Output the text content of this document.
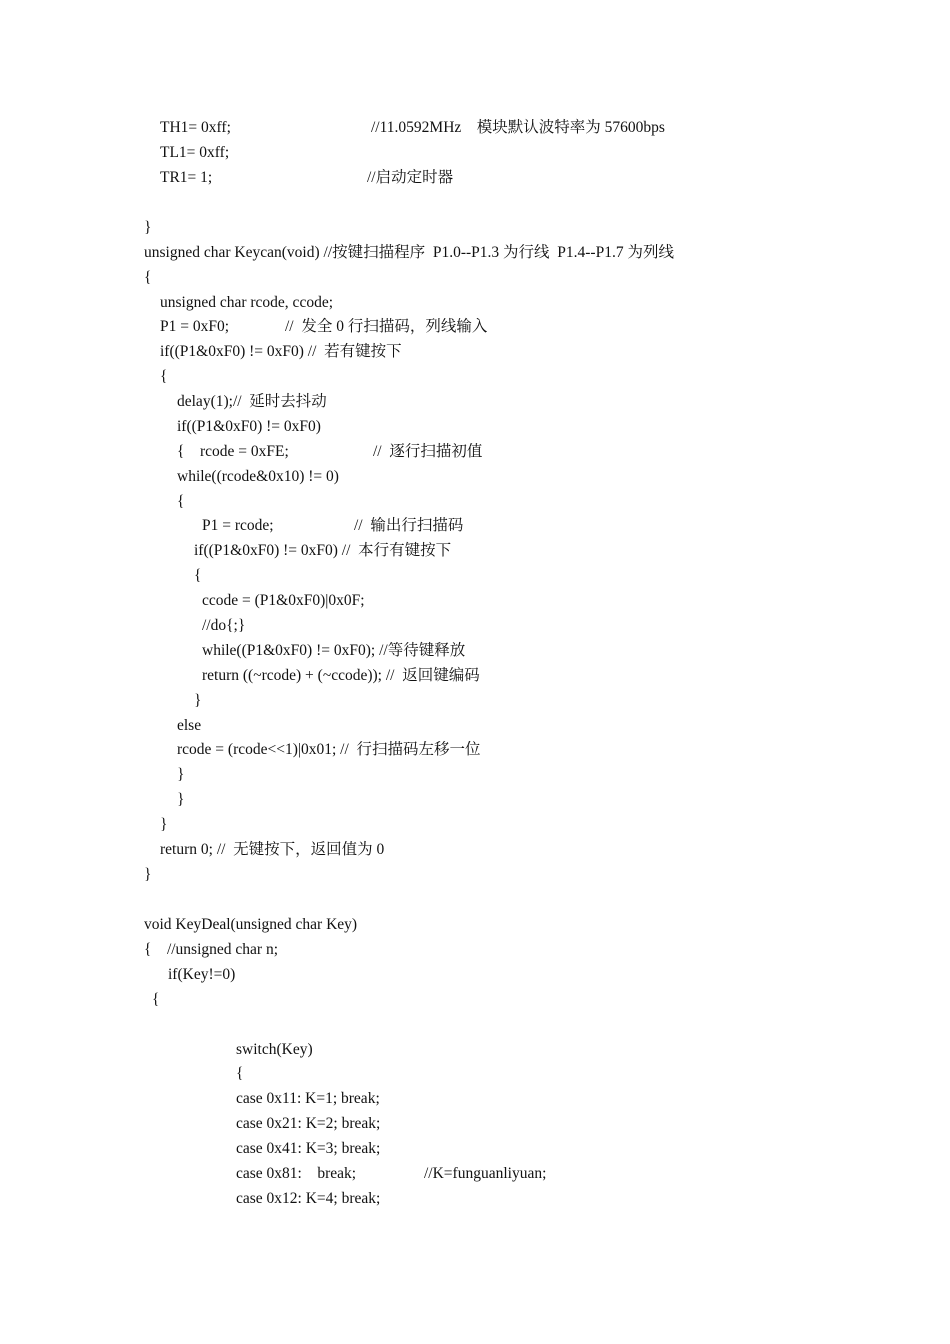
TH1= 0xff;	//11.0592MHz    模块默认波特率为 57600bps
TL1= 0xff;
TR1= 1;	//启动定时器
}
unsigned char Keycan(void) //按键扫描程序  P1.0--P1.3 为行线  P1.4--P1.7 为列线
{
unsigned char rcode, ccode;
P1 = 0xF0;	//  发全 0 行扫描码，列线输入
if((P1&0xF0) != 0xF0) //  若有键按下
{
delay(1);//  延时去抖动
if((P1&0xF0) != 0xF0)
{    rcode = 0xFE;	//  逐行扫描初值
while((rcode&0x10) != 0)
{
P1 = rcode;	//  输出行扫描码
if((P1&0xF0) != 0xF0) //  本行有键按下
{
ccode = (P1&0xF0)|0x0F;
//do{;}
while((P1&0xF0) != 0xF0); //等待键释放
return ((~rcode) + (~ccode)); //  返回键编码
}
else
rcode = (rcode<<1)|0x01; //  行扫描码左移一位
}
}
}
return 0; //  无键按下，返回值为 0
}
void KeyDeal(unsigned char Key)
{    //unsigned char n;
if(Key!=0)
{
switch(Key)
{
case 0x11: K=1; break;
case 0x21: K=2; break;
case 0x41: K=3; break;
case 0x81:    break;	//K=funguanliyuan;
case 0x12: K=4; break;
